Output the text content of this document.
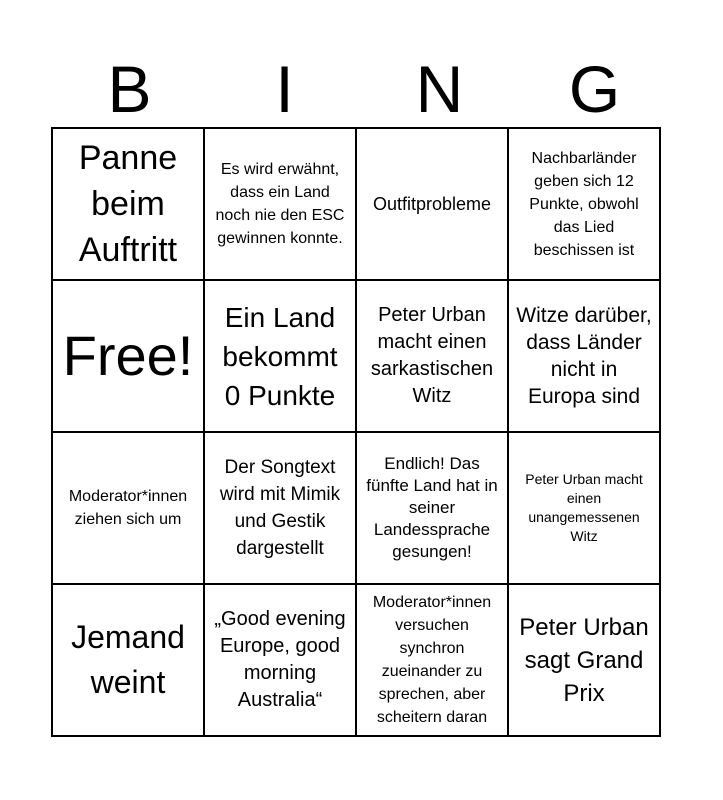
B	I	N	G
Panne beim Auftritt	Es wird erwähnt, dass ein Land noch nie den ESC gewinnen konnte.	Outfitprobleme	Nachbarländer geben sich 12 Punkte, obwohl das Lied beschissen ist
Free!	Ein Land bekommt 0 Punkte	Peter Urban macht einen sarkastischen Witz	Witze darüber, dass Länder nicht in Europa sind
Moderator*innen ziehen sich um	Der Songtext wird mit Mimik und Gestik dargestellt	Endlich! Das fünfte Land hat in seiner Landessprache gesungen!	Peter Urban macht einen unangemessenen Witz
Jemand weint	„Good evening Europe, good morning Australia“	Moderator*innen versuchen synchron zueinander zu sprechen, aber scheitern daran	Peter Urban sagt Grand Prix
